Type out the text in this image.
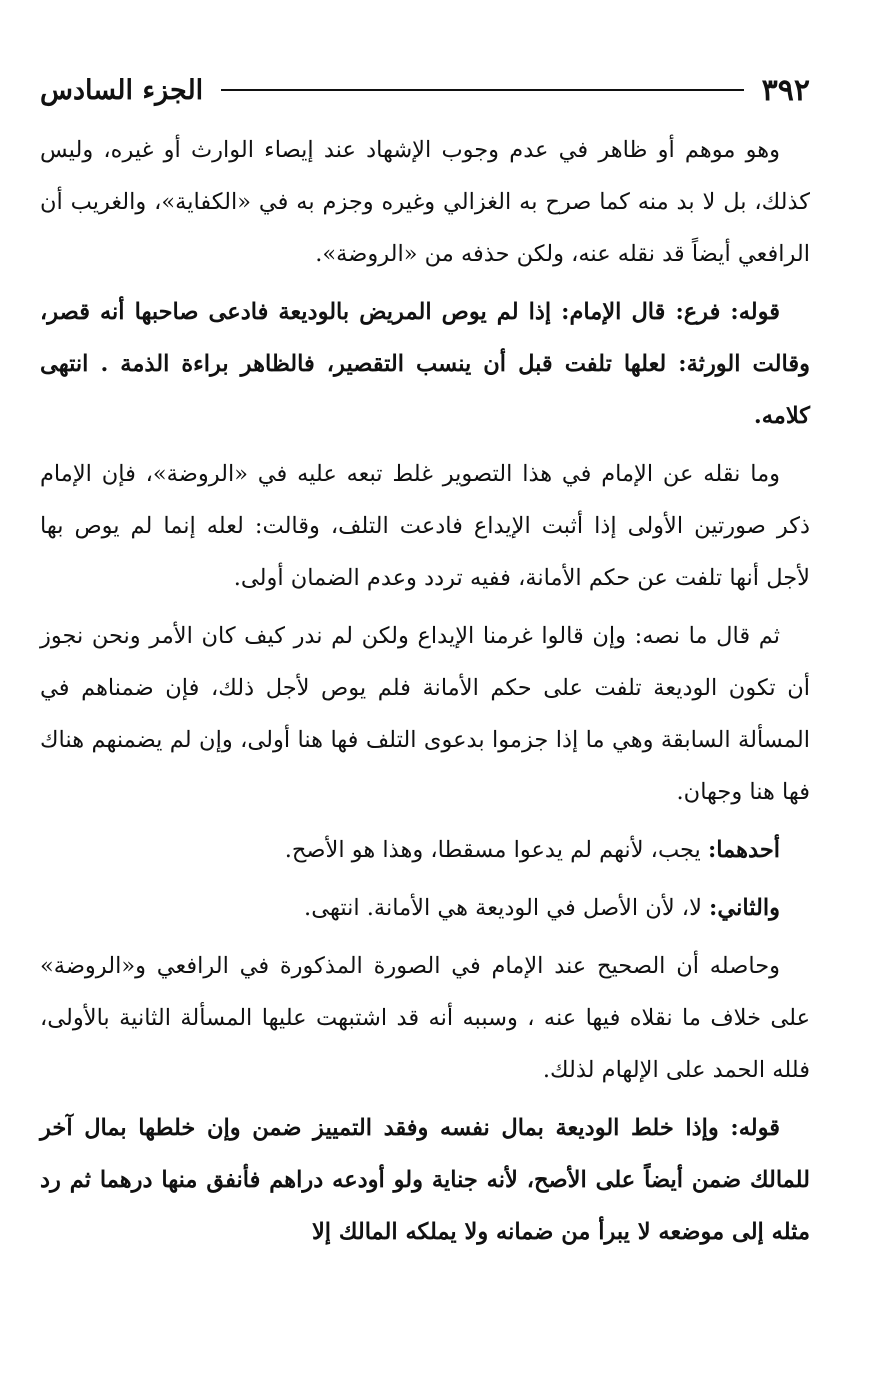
٣٩٢
الجزء السادس

وهو موهم أو ظاهر في عدم وجوب الإشهاد عند إيصاء الوارث أو غيره، وليس كذلك، بل لا بد منه كما صرح به الغزالي وغيره وجزم به في «الكفاية»، والغريب أن الرافعي أيضاً قد نقله عنه، ولكن حذفه من «الروضة».

قوله: فرع: قال الإمام: إذا لم يوص المريض بالوديعة فادعى صاحبها أنه قصر، وقالت الورثة: لعلها تلفت قبل أن ينسب التقصير، فالظاهر براءة الذمة . انتهى كلامه.

وما نقله عن الإمام في هذا التصوير غلط تبعه عليه في «الروضة»، فإن الإمام ذكر صورتين الأولى إذا أثبت الإيداع فادعت التلف، وقالت: لعله إنما لم يوص بها لأجل أنها تلفت عن حكم الأمانة، ففيه تردد وعدم الضمان أولى.

ثم قال ما نصه: وإن قالوا غرمنا الإيداع ولكن لم ندر كيف كان الأمر ونحن نجوز أن تكون الوديعة تلفت على حكم الأمانة فلم يوص لأجل ذلك، فإن ضمناهم في المسألة السابقة وهي ما إذا جزموا بدعوى التلف فها هنا أولى، وإن لم يضمنهم هناك فها هنا وجهان.

أحدهما: يجب، لأنهم لم يدعوا مسقطا، وهذا هو الأصح.

والثاني: لا، لأن الأصل في الوديعة هي الأمانة. انتهى.

وحاصله أن الصحيح عند الإمام في الصورة المذكورة في الرافعي و«الروضة» على خلاف ما نقلاه فيها عنه ، وسببه أنه قد اشتبهت عليها المسألة الثانية بالأولى، فلله الحمد على الإلهام لذلك.

قوله: وإذا خلط الوديعة بمال نفسه وفقد التمييز ضمن وإن خلطها بمال آخر للمالك ضمن أيضاً على الأصح، لأنه جناية ولو أودعه دراهم فأنفق منها درهما ثم رد مثله إلى موضعه لا يبرأ من ضمانه ولا يملكه المالك إلا
